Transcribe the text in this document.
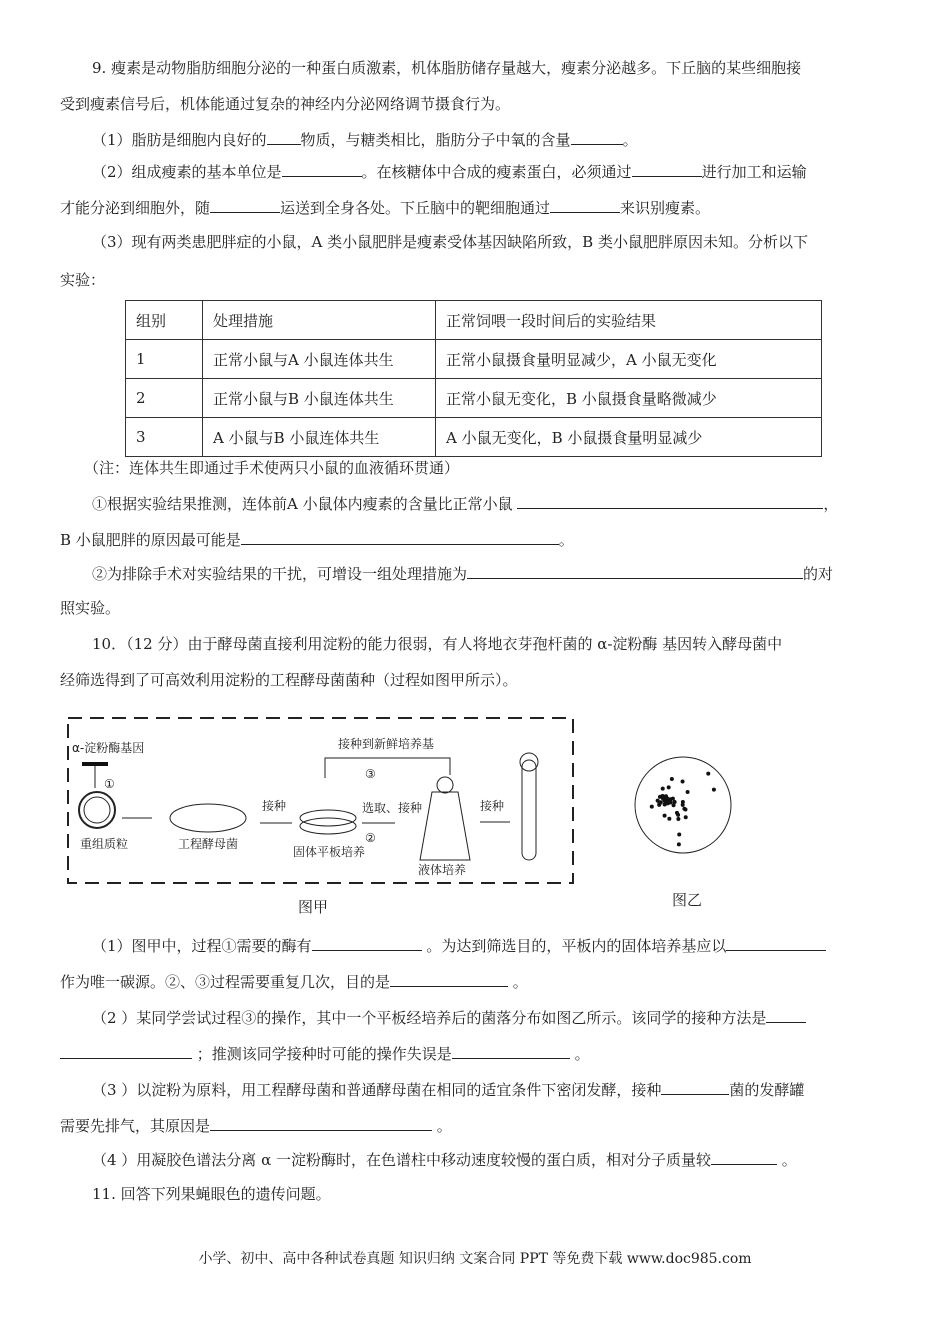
9. 瘦素是动物脂肪细胞分泌的一种蛋白质激素，机体脂肪储存量越大，瘦素分泌越多。下丘脑的某些细胞接
受到瘦素信号后，机体能通过复杂的神经内分泌网络调节摄食行为。
（1）脂肪是细胞内良好的 物质，与糖类相比，脂肪分子中氧的含量	。
（2）组成瘦素的基本单位是	。在核糖体中合成的瘦素蛋白，必须通过	进行加工和运输
才能分泌到细胞外，随	运送到全身各处。下丘脑中的靶细胞通过	来识别瘦素。
（3）现有两类患肥胖症的小鼠，A 类小鼠肥胖是瘦素受体基因缺陷所致，B 类小鼠肥胖原因未知。分析以下
实验：
组别	处理措施	正常饲喂一段时间后的实验结果
1	正常小鼠与A 小鼠连体共生	正常小鼠摄食量明显减少，A 小鼠无变化
2	正常小鼠与B 小鼠连体共生	正常小鼠无变化，B 小鼠摄食量略微减少
3	A 小鼠与B 小鼠连体共生	A 小鼠无变化，B 小鼠摄食量明显减少
（注：连体共生即通过手术使两只小鼠的血液循环贯通）
①根据实验结果推测，连体前A 小鼠体内瘦素的含量比正常小鼠	，
B 小鼠肥胖的原因最可能是	。
②为排除手术对实验结果的干扰，可增设一组处理措施为	的对
照实验。
10．（12 分）由于酵母菌直接利用淀粉的能力很弱，有人将地衣芽孢杆菌的 α-淀粉酶 基因转入酵母菌中
经筛选得到了可高效利用淀粉的工程酵母菌菌种（过程如图甲所示）。
α-淀粉酶基因
①
重组质粒	工程酵母菌
接种
固体平板培养
选取、接种
②
液体培养
③
接种到新鲜培养基
接种
图甲	图乙
（1）图甲中，过程①需要的酶有	。为达到筛选目的，平板内的固体培养基应以
作为唯一碳源。②、③过程需要重复几次，目的是	。
（2 ）某同学尝试过程③的操作，其中一个平板经培养后的菌落分布如图乙所示。该同学的接种方法是
；推测该同学接种时可能的操作失误是	。
（3 ）以淀粉为原料，用工程酵母菌和普通酵母菌在相同的适宜条件下密闭发酵，接种	菌的发酵罐
需要先排气，其原因是	。
（4 ）用凝胶色谱法分离 α 一淀粉酶时，在色谱柱中移动速度较慢的蛋白质，相对分子质量较	。
11. 回答下列果蝇眼色的遗传问题。
小学、初中、高中各种试卷真题 知识归纳 文案合同 PPT 等免费下载 www.doc985.com
